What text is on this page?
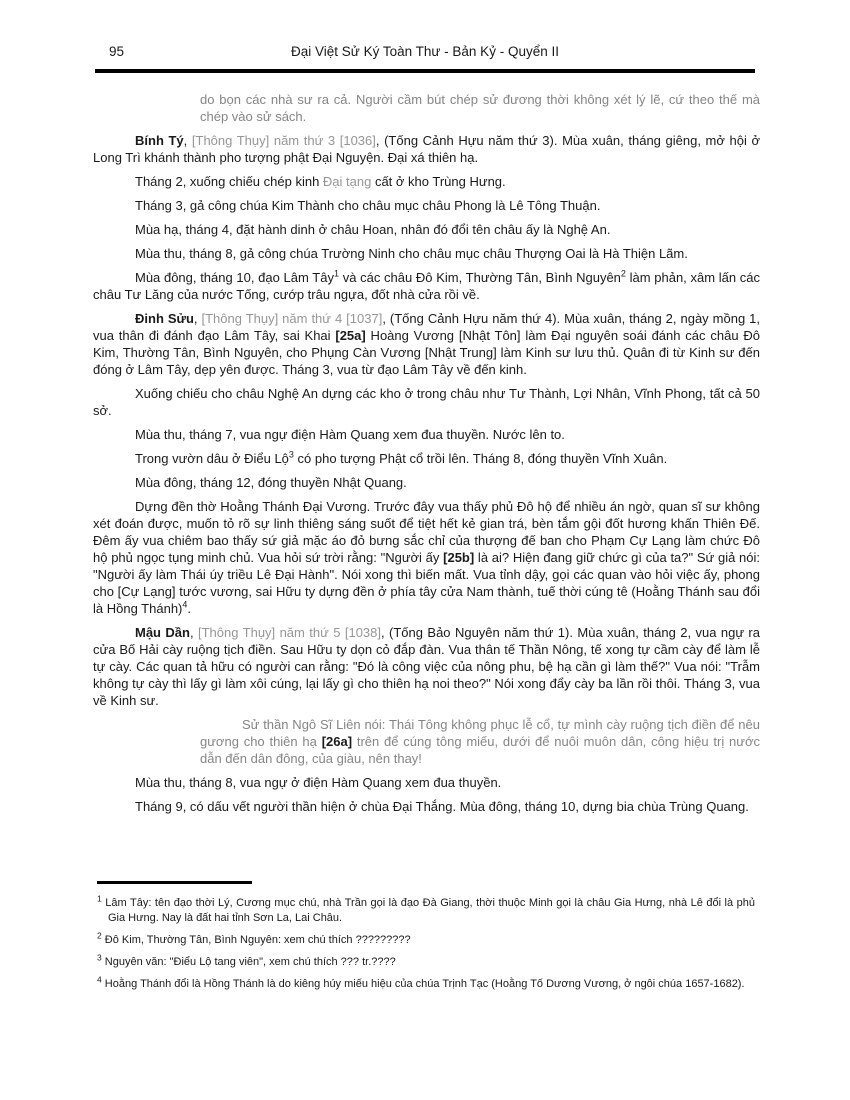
95	Đại Việt Sử Ký Toàn Thư - Bản Kỷ - Quyển II

do bọn các nhà sư ra cả. Người cầm bút chép sử đương thời không xét lý lẽ, cứ theo thế mà chép vào sử sách.

Bính Tý, [Thông Thụy] năm thứ 3 [1036], (Tống Cảnh Hựu năm thứ 3). Mùa xuân, tháng giêng, mở hội ở Long Trì khánh thành pho tượng phật Đại Nguyện. Đại xá thiên hạ.

Tháng 2, xuống chiếu chép kinh Đại tạng cất ở kho Trùng Hưng.

Tháng 3, gả công chúa Kim Thành cho châu mục châu Phong là Lê Tông Thuận.

Mùa hạ, tháng 4, đặt hành dinh ở châu Hoan, nhân đó đổi tên châu ấy là Nghệ An.

Mùa thu, tháng 8, gả công chúa Trường Ninh cho châu mục châu Thượng Oai là Hà Thiện Lãm.

Mùa đông, tháng 10, đạo Lâm Tây$^1$ và các châu Đô Kim, Thường Tân, Bình Nguyên$^2$ làm phản, xâm lấn các châu Tư Lăng của nước Tống, cướp trâu ngựa, đốt nhà cửa rồi về.

Đinh Sửu, [Thông Thụy] năm thứ 4 [1037], (Tống Cảnh Hựu năm thứ 4). Mùa xuân, tháng 2, ngày mồng 1, vua thân đi đánh đạo Lâm Tây, sai Khai [25a] Hoàng Vương [Nhật Tôn] làm Đại nguyên soái đánh các châu Đô Kim, Thường Tân, Bình Nguyên, cho Phụng Càn Vương [Nhật Trung] làm Kinh sư lưu thủ. Quân đi từ Kinh sư đến đóng ở Lâm Tây, dẹp yên được. Tháng 3, vua từ đạo Lâm Tây về đến kinh.

Xuống chiếu cho châu Nghệ An dựng các kho ở trong châu như Tư Thành, Lợi Nhân, Vĩnh Phong, tất cả 50 sở.

Mùa thu, tháng 7, vua ngự điện Hàm Quang xem đua thuyền. Nước lên to.

Trong vườn dâu ở Điểu Lộ$^3$ có pho tượng Phật cổ trồi lên. Tháng 8, đóng thuyền Vĩnh Xuân.

Mùa đông, tháng 12, đóng thuyền Nhật Quang.

Dựng đền thờ Hoằng Thánh Đại Vương. Trước đây vua thấy phủ Đô hộ để nhiều án ngờ, quan sĩ sư không xét đoán được, muốn tỏ rõ sự linh thiêng sáng suốt để tiệt hết kẻ gian trá, bèn tắm gội đốt hương khấn Thiên Đế. Đêm ấy vua chiêm bao thấy sứ giả mặc áo đỏ bưng sắc chỉ của thượng đế ban cho Phạm Cự Lạng làm chức Đô hộ phủ ngọc tụng minh chủ. Vua hỏi sứ trời rằng: "Người ấy [25b] là ai? Hiện đang giữ chức gì của ta?" Sứ giả nói: "Người ấy làm Thái úy triều Lê Đại Hành". Nói xong thì biến mất. Vua tỉnh dậy, gọi các quan vào hỏi việc ấy, phong cho [Cự Lạng] tước vương, sai Hữu ty dựng đền ở phía tây cửa Nam thành, tuế thời cúng tê (Hoằng Thánh sau đổi là Hồng Thánh)$^4$.

Mậu Dần, [Thông Thụy] năm thứ 5 [1038], (Tống Bảo Nguyên năm thứ 1). Mùa xuân, tháng 2, vua ngự ra cửa Bố Hải cày ruộng tịch điền. Sau Hữu ty dọn cỏ đắp đàn. Vua thân tế Thần Nông, tế xong tự cầm cày để làm lễ tự cày. Các quan tả hữu có người can rằng: "Đó là công việc của nông phu, bệ hạ cần gì làm thế?" Vua nói: "Trẫm không tự cày thì lấy gì làm xôi cúng, lại lấy gì cho thiên hạ noi theo?" Nói xong đẩy cày ba lần rồi thôi. Tháng 3, vua về Kinh sư.

Sử thần Ngô Sĩ Liên nói: Thái Tông không phục lễ cổ, tự mình cày ruộng tịch điền để nêu gương cho thiên hạ [26a] trên để cúng tông miếu, dưới để nuôi muôn dân, công hiệu trị nước dẫn đến dân đông, của giàu, nên thay!

Mùa thu, tháng 8, vua ngự ở điện Hàm Quang xem đua thuyền.

Tháng 9, có dấu vết người thần hiện ở chùa Đại Thắng. Mùa đông, tháng 10, dựng bia chùa Trùng Quang.

$^1$ Lâm Tây: tên đạo thời Lý, Cương mục chú, nhà Trần gọi là đạo Đà Giang, thời thuộc Minh gọi là châu Gia Hưng, nhà Lê đổi là phủ Gia Hưng. Nay là đất hai tỉnh Sơn La, Lai Châu.

$^2$ Đô Kim, Thường Tân, Bình Nguyên: xem chú thích ?????????

$^3$ Nguyên văn: "Điểu Lộ tang viên", xem chú thích ??? tr.????

$^4$ Hoằng Thánh đổi là Hồng Thánh là do kiêng húy miếu hiệu của chúa Trịnh Tạc (Hoằng Tố Dương Vương, ở ngôi chúa 1657-1682).
